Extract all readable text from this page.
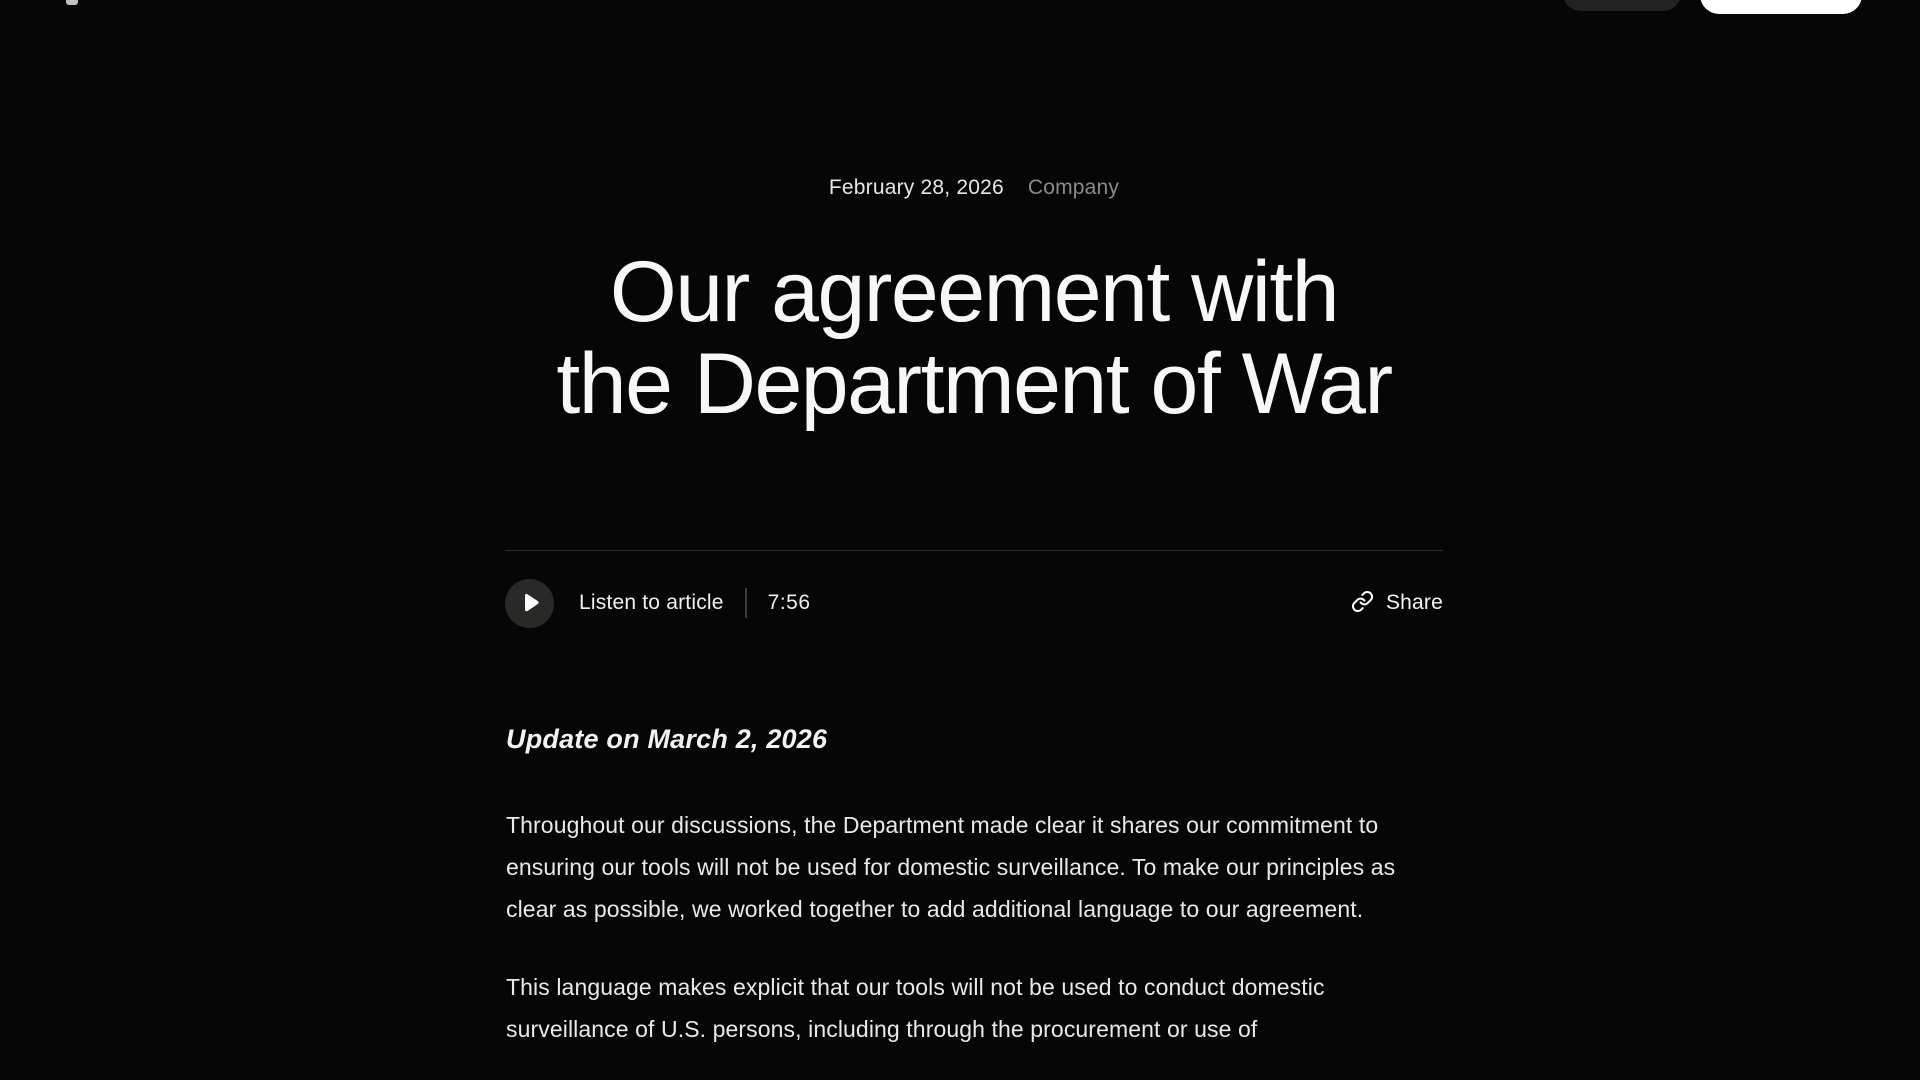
February 28, 2026 Company
Our agreement with
the Department of War
Listen to article 7:56	Share
Update on March 2, 2026

Throughout our discussions, the Department made clear it shares our commitment to ensuring our tools will not be used for domestic surveillance. To make our principles as clear as possible, we worked together to add additional language to our agreement.

This language makes explicit that our tools will not be used to conduct domestic surveillance of U.S. persons, including through the procurement or use of
